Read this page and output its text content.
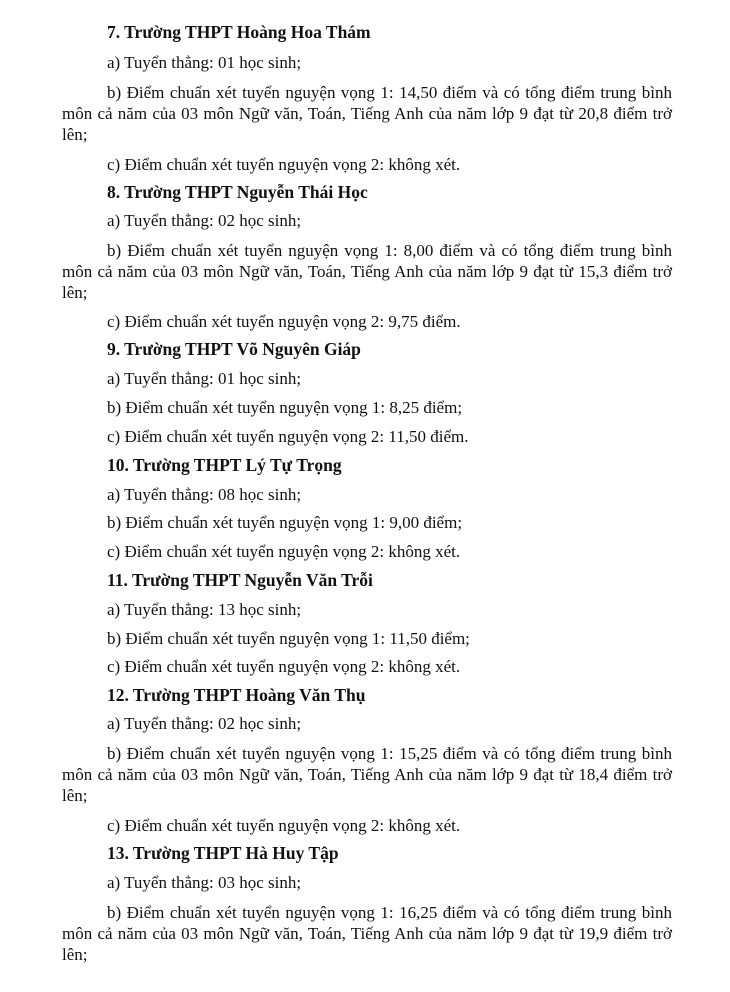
7. Trường THPT Hoàng Hoa Thám
a) Tuyển thẳng: 01 học sinh;
b) Điểm chuẩn xét tuyển nguyện vọng 1: 14,50 điểm và có tổng điểm trung bình môn cả năm của 03 môn Ngữ văn, Toán, Tiếng Anh của năm lớp 9 đạt từ 20,8 điểm trở lên;
c) Điểm chuẩn xét tuyển nguyện vọng 2: không xét.
8. Trường THPT Nguyễn Thái Học
a) Tuyển thẳng: 02 học sinh;
b) Điểm chuẩn xét tuyển nguyện vọng 1: 8,00 điểm và có tổng điểm trung bình môn cả năm của 03 môn Ngữ văn, Toán, Tiếng Anh của năm lớp 9 đạt từ 15,3 điểm trở lên;
c) Điểm chuẩn xét tuyển nguyện vọng 2: 9,75 điểm.
9. Trường THPT Võ Nguyên Giáp
a) Tuyển thẳng: 01 học sinh;
b) Điểm chuẩn xét tuyển nguyện vọng 1: 8,25 điểm;
c) Điểm chuẩn xét tuyển nguyện vọng 2: 11,50 điểm.
10. Trường THPT Lý Tự Trọng
a) Tuyển thẳng: 08 học sinh;
b) Điểm chuẩn xét tuyển nguyện vọng 1: 9,00 điểm;
c) Điểm chuẩn xét tuyển nguyện vọng 2: không xét.
11. Trường THPT Nguyễn Văn Trỗi
a) Tuyển thẳng: 13 học sinh;
b) Điểm chuẩn xét tuyển nguyện vọng 1: 11,50 điểm;
c) Điểm chuẩn xét tuyển nguyện vọng 2: không xét.
12. Trường THPT Hoàng Văn Thụ
a) Tuyển thẳng: 02 học sinh;
b) Điểm chuẩn xét tuyển nguyện vọng 1: 15,25 điểm và có tổng điểm trung bình môn cả năm của 03 môn Ngữ văn, Toán, Tiếng Anh của năm lớp 9 đạt từ 18,4 điểm trở lên;
c) Điểm chuẩn xét tuyển nguyện vọng 2: không xét.
13. Trường THPT Hà Huy Tập
a) Tuyển thẳng: 03 học sinh;
b) Điểm chuẩn xét tuyển nguyện vọng 1: 16,25 điểm và có tổng điểm trung bình môn cả năm của 03 môn Ngữ văn, Toán, Tiếng Anh của năm lớp 9 đạt từ 19,9 điểm trở lên;
